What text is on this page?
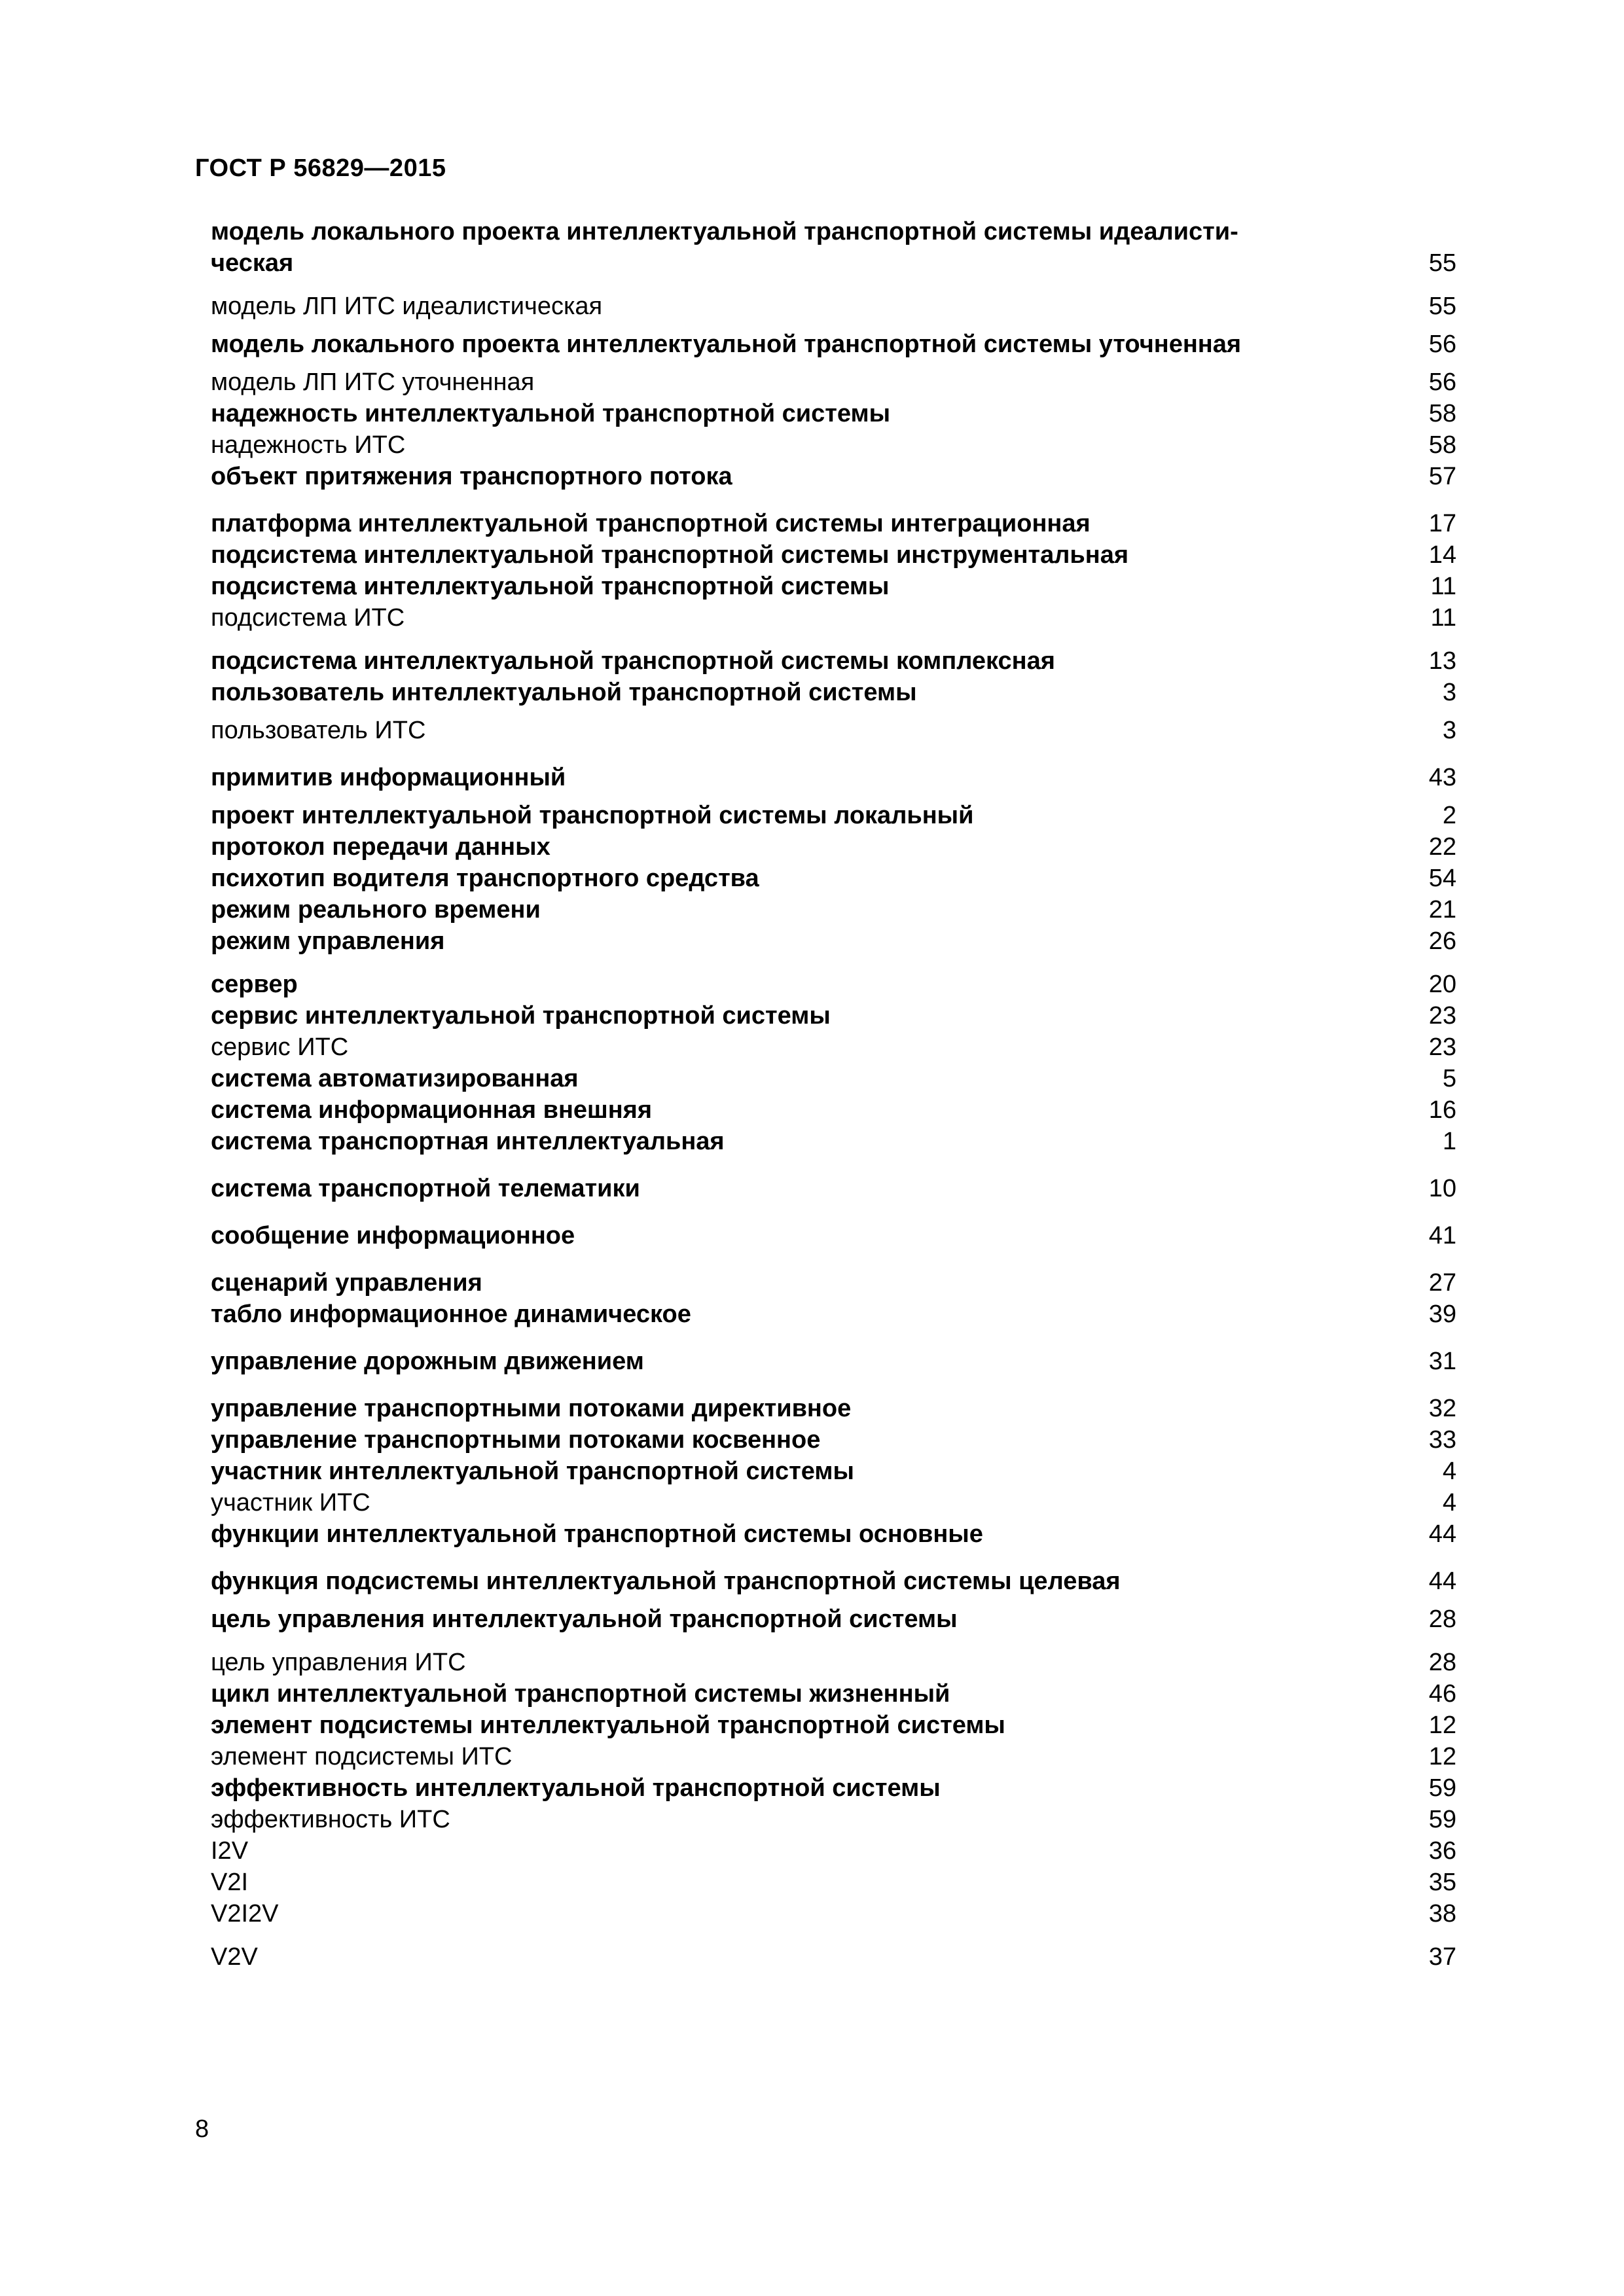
ГОСТ Р 56829—2015
модель локального проекта интеллектуальной транспортной системы идеалисти-
ческая	55
модель ЛП ИТС идеалистическая	55
модель локального проекта интеллектуальной транспортной системы уточненная	56
модель ЛП ИТС уточненная	56
надежность интеллектуальной транспортной системы	58
надежность ИТС	58
объект притяжения транспортного потока	57
платформа интеллектуальной транспортной системы интеграционная	17
подсистема интеллектуальной транспортной системы инструментальная	14
подсистема интеллектуальной транспортной системы	11
подсистема ИТС	11
подсистема интеллектуальной транспортной системы комплексная	13
пользователь интеллектуальной транспортной системы	3
пользователь ИТС	3
примитив информационный	43
проект интеллектуальной транспортной системы локальный	2
протокол передачи данных	22
психотип водителя транспортного средства	54
режим реального времени	21
режим управления	26
сервер	20
сервис интеллектуальной транспортной системы	23
сервис ИТС	23
система автоматизированная	5
система информационная внешняя	16
система транспортная интеллектуальная	1
система транспортной телематики	10
сообщение информационное	41
сценарий управления	27
табло информационное динамическое	39
управление дорожным движением	31
управление транспортными потоками директивное	32
управление транспортными потоками косвенное	33
участник интеллектуальной транспортной системы	4
участник ИТС	4
функции интеллектуальной транспортной системы основные	44
функция подсистемы интеллектуальной транспортной системы целевая	44
цель управления интеллектуальной транспортной системы	28
цель управления ИТС	28
цикл интеллектуальной транспортной системы жизненный	46
элемент подсистемы интеллектуальной транспортной системы	12
элемент подсистемы ИТС	12
эффективность интеллектуальной транспортной системы	59
эффективность ИТС	59
I2V	36
V2I	35
V2I2V	38
V2V	37
8
